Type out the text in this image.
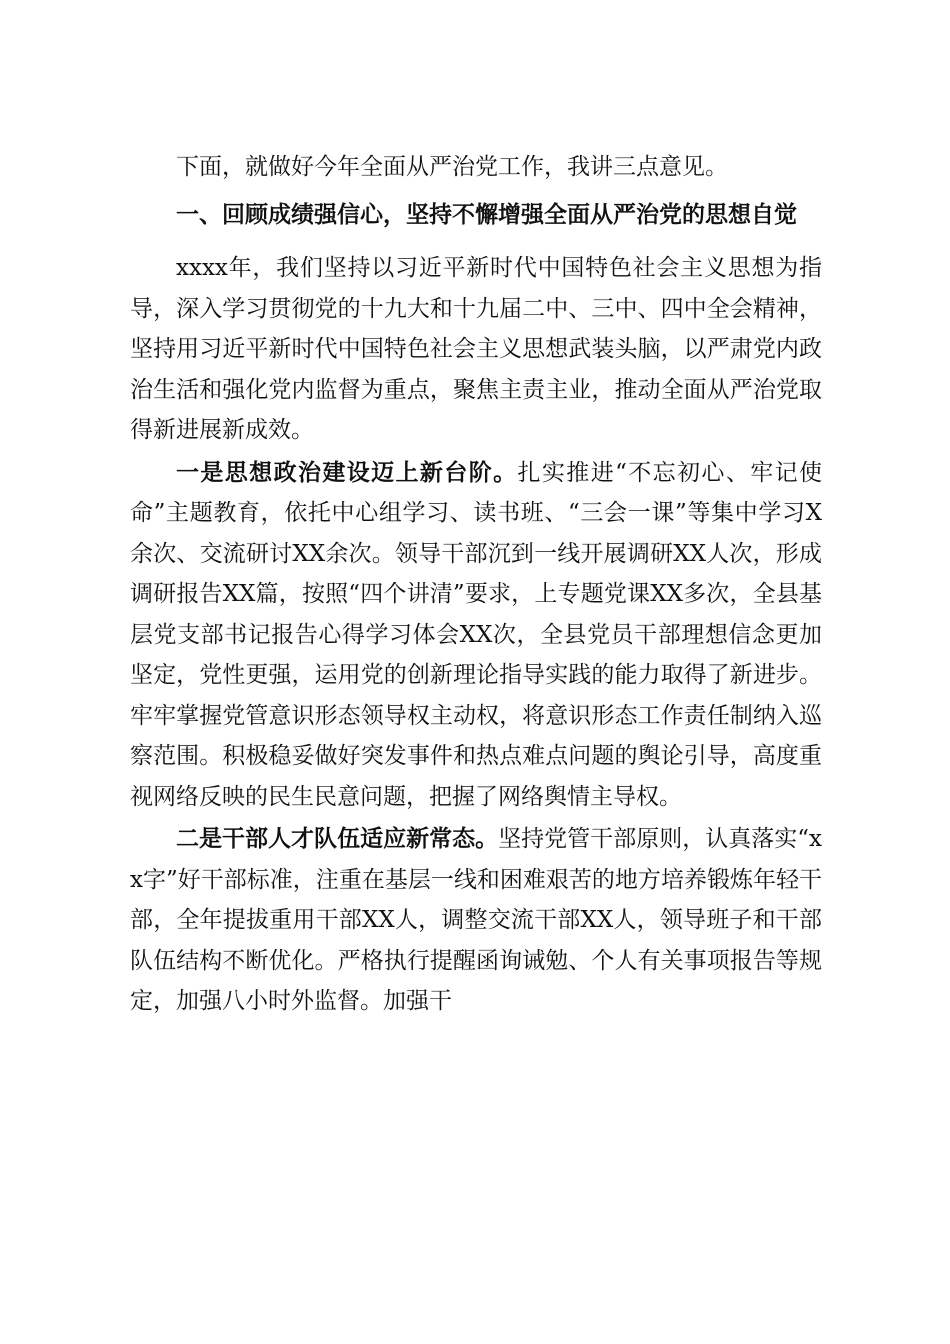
下面，就做好今年全面从严治党工作，我讲三点意见。

一、回顾成绩强信心，坚持不懈增强全面从严治党的思想自觉

xxxx年，我们坚持以习近平新时代中国特色社会主义思想为指导，深入学习贯彻党的十九大和十九届二中、三中、四中全会精神，坚持用习近平新时代中国特色社会主义思想武装头脑，以严肃党内政治生活和强化党内监督为重点，聚焦主责主业，推动全面从严治党取得新进展新成效。

一是思想政治建设迈上新台阶。扎实推进“不忘初心、牢记使命”主题教育，依托中心组学习、读书班、“三会一课”等集中学习X余次、交流研讨XX余次。领导干部沉到一线开展调研XX人次，形成调研报告XX篇，按照“四个讲清”要求，上专题党课XX多次，全县基层党支部书记报告心得学习体会XX次，全县党员干部理想信念更加坚定，党性更强，运用党的创新理论指导实践的能力取得了新进步。牢牢掌握党管意识形态领导权主动权，将意识形态工作责任制纳入巡察范围。积极稳妥做好突发事件和热点难点问题的舆论引导，高度重视网络反映的民生民意问题，把握了网络舆情主导权。

二是干部人才队伍适应新常态。坚持党管干部原则，认真落实“xx字”好干部标准，注重在基层一线和困难艰苦的地方培养锻炼年轻干部，全年提拔重用干部XX人，调整交流干部XX人，领导班子和干部队伍结构不断优化。严格执行提醒函询诫勉、个人有关事项报告等规定，加强八小时外监督。加强干
